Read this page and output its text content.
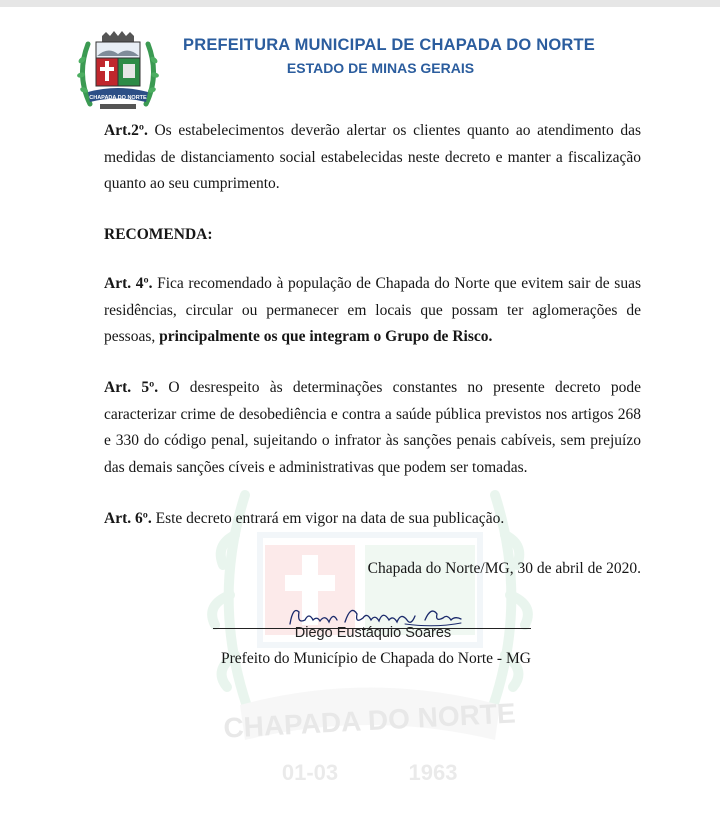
CHAPADA DO NORTE
01-03	1963
CHAPADA DO NORTE
PREFEITURA MUNICIPAL DE CHAPADA DO NORTE
ESTADO DE MINAS GERAIS
Art.2º. Os estabelecimentos deverão alertar os clientes quanto ao atendimento das medidas de distanciamento social estabelecidas neste decreto e manter a fiscalização quanto ao seu cumprimento.
RECOMENDA:
Art. 4º. Fica recomendado à população de Chapada do Norte que evitem sair de suas residências, circular ou permanecer em locais que possam ter aglomerações de pessoas, principalmente os que integram o Grupo de Risco.
Art. 5º. O desrespeito às determinações constantes no presente decreto pode caracterizar crime de desobediência e contra a saúde pública previstos nos artigos 268 e 330 do código penal, sujeitando o infrator às sanções penais cabíveis, sem prejuízo das demais sanções cíveis e administrativas que podem ser tomadas.
Art. 6º. Este decreto entrará em vigor na data de sua publicação.
Chapada do Norte/MG, 30 de abril de 2020.
Diego Eustáquio Soares
Prefeito do Município de Chapada do Norte - MG
